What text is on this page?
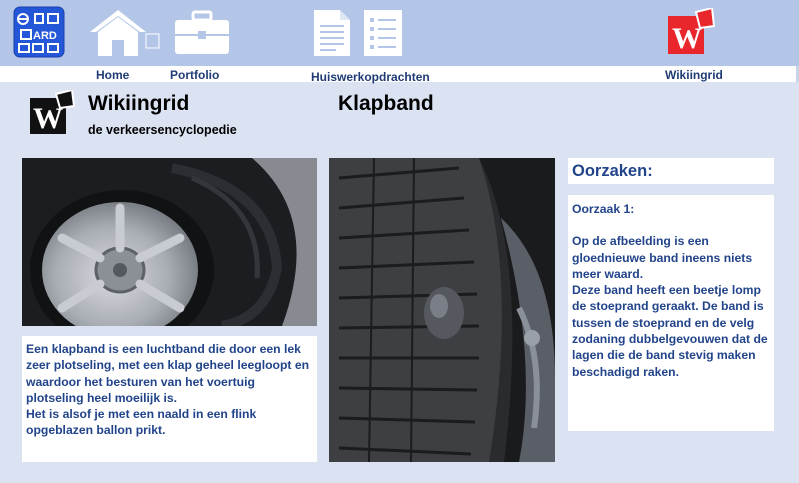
ARD
Home	Portfolio	Huiswerkopdrachten
W
Wikiingrid
W Wikiingrid
de verkeersencyclopedie
Klapband

Een klapband is een luchtband die door een lek zeer plotseling, met een klap geheel leegloopt en waardoor het besturen van het voertuig plotseling heel moeilijk is.

Het is alsof je met een naald in een flink opgeblazen ballon prikt.

Oorzaken:

Oorzaak 1:

Op de afbeelding is een gloednieuwe band ineens niets meer waard.

Deze band heeft een beetje lomp de stoeprand geraakt. De band is tussen de stoeprand en de velg zodaning dubbelgevouwen dat de lagen die de band stevig maken beschadigd raken.
